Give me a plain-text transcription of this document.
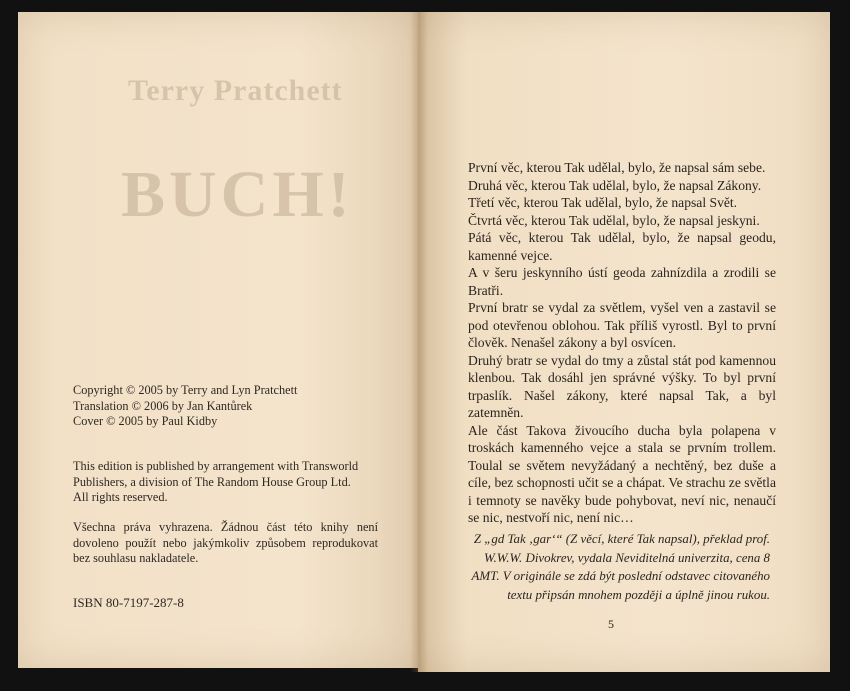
Terry Pratchett
BUCH!
Copyright © 2005 by Terry and Lyn Pratchett
Translation © 2006 by Jan Kantůrek
Cover © 2005 by Paul Kidby
This edition is published by arrangement with Transworld
Publishers, a division of The Random House Group Ltd.
All rights reserved.
Všechna práva vyhrazena. Žádnou část této knihy není dovoleno použít nebo jakýmkoliv způsobem reprodukovat bez souhlasu nakladatele.
ISBN 80-7197-287-8

První věc, kterou Tak udělal, bylo, že napsal sám sebe.

Druhá věc, kterou Tak udělal, bylo, že napsal Zákony.

Třetí věc, kterou Tak udělal, bylo, že napsal Svět.

Čtvrtá věc, kterou Tak udělal, bylo, že napsal jeskyni.

Pátá věc, kterou Tak udělal, bylo, že napsal geodu, kamenné vejce.

A v šeru jeskynního ústí geoda zahnízdila a zrodili se Bratři.

První bratr se vydal za světlem, vyšel ven a zastavil se pod otevřenou oblohou. Tak příliš vyrostl. Byl to první člověk. Nenašel zákony a byl osvícen.

Druhý bratr se vydal do tmy a zůstal stát pod kamennou klenbou. Tak dosáhl jen správné výšky. To byl první trpaslík. Našel zákony, které napsal Tak, a byl zatemněn.

Ale část Takova živoucího ducha byla polapena v troskách kamenného vejce a stala se prvním trollem. Toulal se světem nevyžádaný a nechtěný, bez duše a cíle, bez schopnosti učit se a chápat. Ve strachu ze světla i temnoty se navěky bude pohybovat, neví nic, nenaučí se nic, nestvoří nic, není nic…

Z „gd Tak ‚gar‘“ (Z věcí, které Tak napsal), překlad prof. W.W.W. Divokrev, vydala Neviditelná univerzita, cena 8 AMT. V originále se zdá být poslední odstavec citovaného textu připsán mnohem později a úplně jinou rukou.
5
